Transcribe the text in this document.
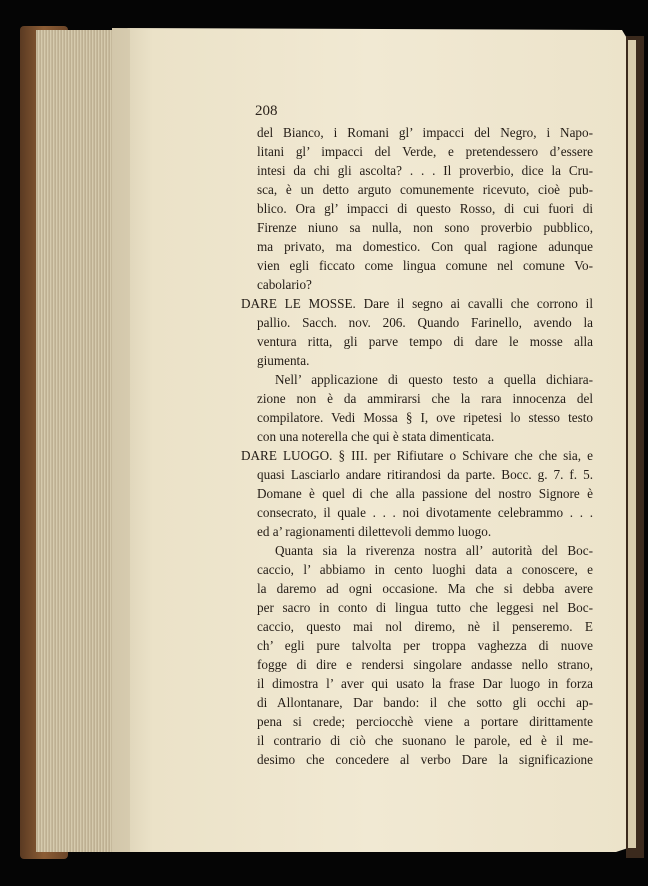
208
del Bianco, i Romani gl’ impacci del Negro, i Napo-
litani gl’ impacci del Verde, e pretendessero d’essere
intesi da chi gli ascolta? . . . Il proverbio, dice la Cru-
sca, è un detto arguto comunemente ricevuto, cioè pub-
blico. Ora gl’ impacci di questo Rosso, di cui fuori di
Firenze niuno sa nulla, non sono proverbio pubblico,
ma privato, ma domestico. Con qual ragione adunque
vien egli ficcato come lingua comune nel comune Vo-
cabolario?
DARE LE MOSSE. Dare il segno ai cavalli che corrono il
pallio. Sacch. nov. 206. Quando Farinello, avendo la
ventura ritta, gli parve tempo di dare le mosse alla
giumenta.
Nell’ applicazione di questo testo a quella dichiara-
zione non è da ammirarsi che la rara innocenza del
compilatore. Vedi Mossa § I, ove ripetesi lo stesso testo
con una noterella che qui è stata dimenticata.
DARE LUOGO. § III. per Rifiutare o Schivare che che sia, e
quasi Lasciarlo andare ritirandosi da parte. Bocc. g. 7. f. 5.
Domane è quel di che alla passione del nostro Signore è
consecrato, il quale . . . noi divotamente celebrammo . . .
ed a’ ragionamenti dilettevoli demmo luogo.
Quanta sia la riverenza nostra all’ autorità del Boc-
caccio, l’ abbiamo in cento luoghi data a conoscere, e
la daremo ad ogni occasione. Ma che si debba avere
per sacro in conto di lingua tutto che leggesi nel Boc-
caccio, questo mai nol diremo, nè il penseremo. E
ch’ egli pure talvolta per troppa vaghezza di nuove
fogge di dire e rendersi singolare andasse nello strano,
il dimostra l’ aver qui usato la frase Dar luogo in forza
di Allontanare, Dar bando: il che sotto gli occhi ap-
pena si crede; perciocchè viene a portare dirittamente
il contrario di ciò che suonano le parole, ed è il me-
desimo che concedere al verbo Dare la significazione
